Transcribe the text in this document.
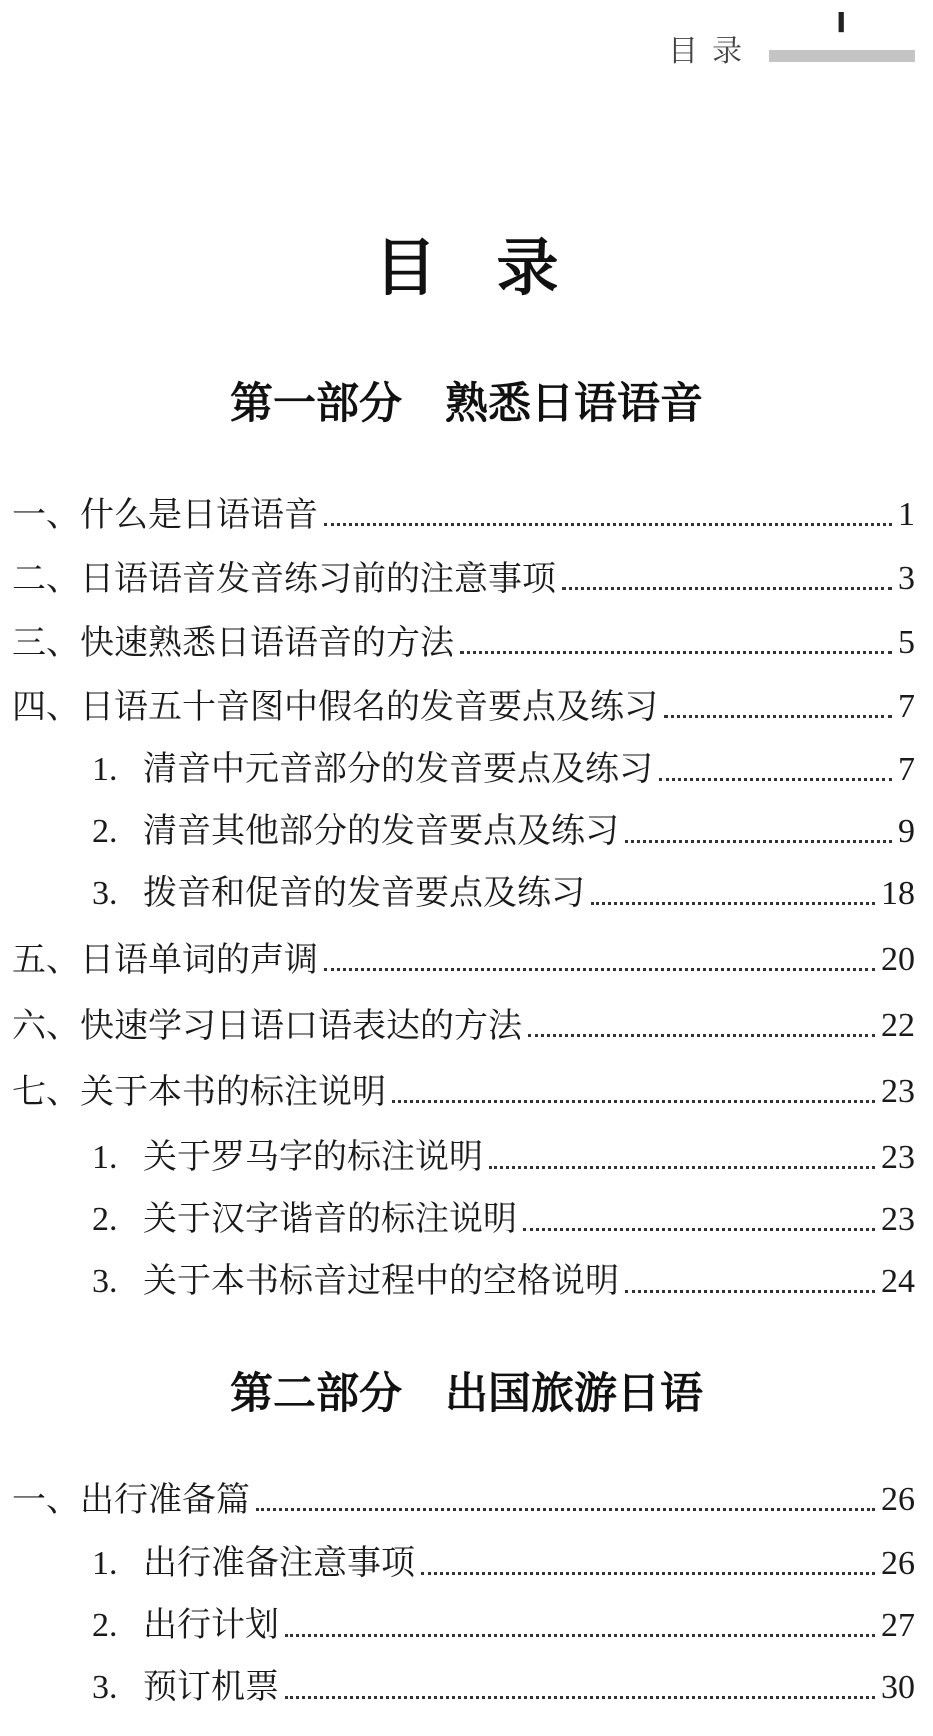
目录
Ⅰ
目录
第一部分　熟悉日语语音
一、什么是日语语音	1
二、日语语音发音练习前的注意事项	3
三、快速熟悉日语语音的方法	5
四、日语五十音图中假名的发音要点及练习	7
1. 清音中元音部分的发音要点及练习	7
2. 清音其他部分的发音要点及练习	9
3. 拨音和促音的发音要点及练习	18
五、日语单词的声调	20
六、快速学习日语口语表达的方法	22
七、关于本书的标注说明	23
1. 关于罗马字的标注说明	23
2. 关于汉字谐音的标注说明	23
3. 关于本书标音过程中的空格说明	24
第二部分　出国旅游日语
一、出行准备篇	26
1. 出行准备注意事项	26
2. 出行计划	27
3. 预订机票	30
